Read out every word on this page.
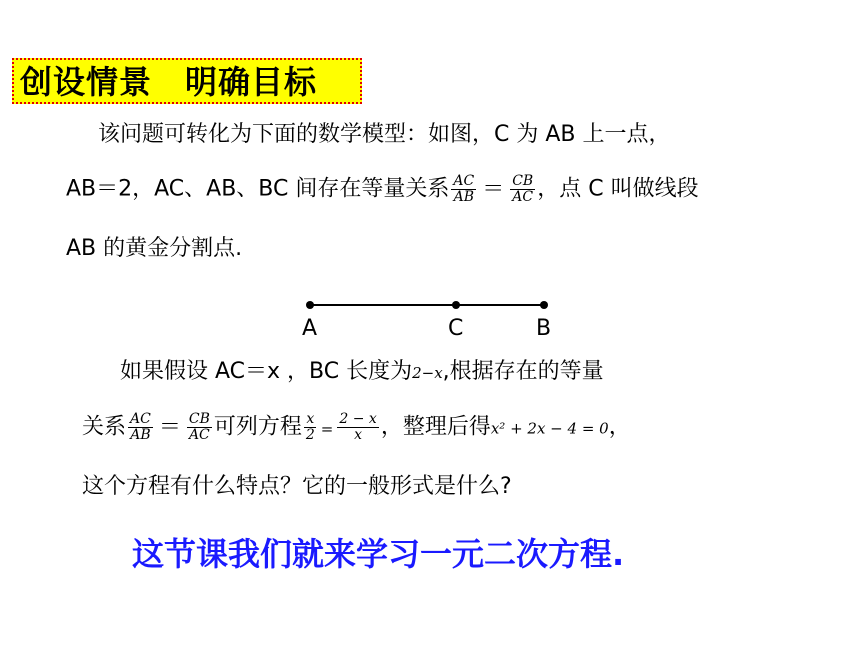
创设情景　明确目标
该问题可转化为下面的数学模型：如图，C 为 AB 上一点，
AB＝2，AC、AB、BC 间存在等量关系 $\frac{AC}{AB} = \frac{CB}{AC}$ ，点 C 叫做线段
AB 的黄金分割点.
A	C	B
如果假设 AC＝x ，BC 长度为2−x,根据存在的等量
关系 $\frac{AC}{AB} = \frac{CB}{AC}$ 可列方程 $\frac{x}{2} = \frac{2 - x}{x}$ ，整理后得x² + 2x − 4 = 0，
这个方程有什么特点？它的一般形式是什么?
这节课我们就来学习一元二次方程.
